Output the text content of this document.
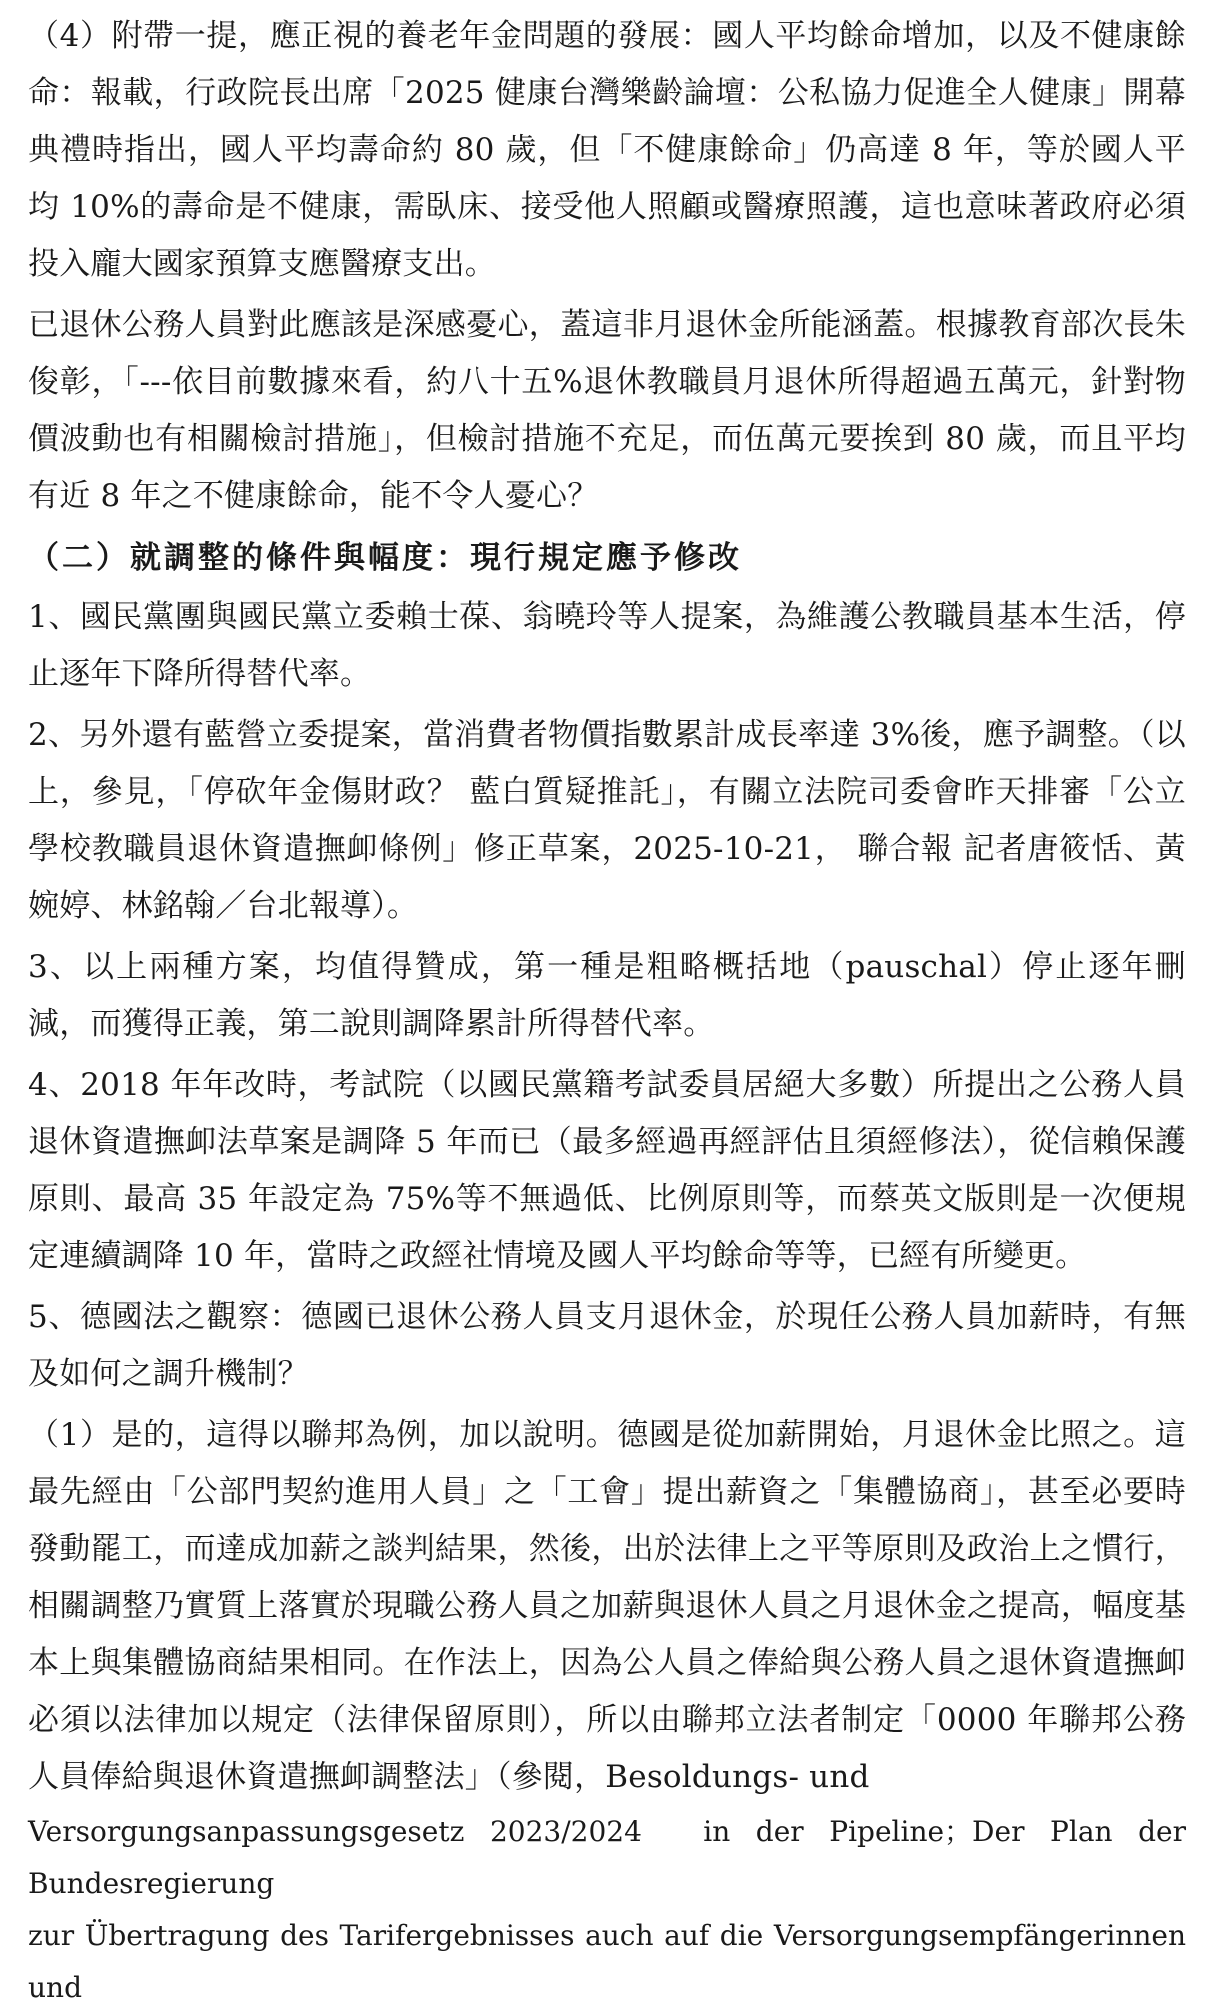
（4）附帶一提，應正視的養老年金問題的發展：國人平均餘命增加，以及不健康餘命：報載，行政院長出席「2025 健康台灣樂齡論壇：公私協力促進全人健康」開幕典禮時指出，國人平均壽命約 80 歲，但「不健康餘命」仍高達 8 年，等於國人平均 10%的壽命是不健康，需臥床、接受他人照顧或醫療照護，這也意味著政府必須投入龐大國家預算支應醫療支出。

已退休公務人員對此應該是深感憂心，蓋這非月退休金所能涵蓋。根據教育部次長朱俊彰，「---依目前數據來看，約八十五%退休教職員月退休所得超過五萬元，針對物價波動也有相關檢討措施」，但檢討措施不充足，而伍萬元要挨到 80 歲，而且平均有近 8 年之不健康餘命，能不令人憂心？

（二）就調整的條件與幅度：現行規定應予修改

1、國民黨團與國民黨立委賴士葆、翁曉玲等人提案，為維護公教職員基本生活，停止逐年下降所得替代率。

2、另外還有藍營立委提案，當消費者物價指數累計成長率達 3%後，應予調整。（以上，參見，「停砍年金傷財政？ 藍白質疑推託」，有關立法院司委會昨天排審「公立學校教職員退休資遣撫卹條例」修正草案，2025-10-21， 聯合報 記者唐筱恬、黃婉婷、林銘翰／台北報導）。

3、以上兩種方案，均值得贊成，第一種是粗略概括地（pauschal）停止逐年刪減，而獲得正義，第二說則調降累計所得替代率。

4、2018 年年改時，考試院（以國民黨籍考試委員居絕大多數）所提出之公務人員退休資遣撫卹法草案是調降 5 年而已（最多經過再經評估且須經修法），從信賴保護原則、最高 35 年設定為 75%等不無過低、比例原則等，而蔡英文版則是一次便規定連續調降 10 年，當時之政經社情境及國人平均餘命等等，已經有所變更。

5、德國法之觀察：德國已退休公務人員支月退休金，於現任公務人員加薪時，有無及如何之調升機制？

（1）是的，這得以聯邦為例，加以說明。德國是從加薪開始，月退休金比照之。這最先經由「公部門契約進用人員」之「工會」提出薪資之「集體協商」，甚至必要時發動罷工，而達成加薪之談判結果，然後，出於法律上之平等原則及政治上之慣行，相關調整乃實質上落實於現職公務人員之加薪與退休人員之月退休金之提高，幅度基本上與集體協商結果相同。在作法上，因為公人員之俸給與公務人員之退休資遣撫卹必須以法律加以規定（法律保留原則），所以由聯邦立法者制定「0000 年聯邦公務人員俸給與退休資遣撫卹調整法」（參閱，Besoldungs- und

Versorgungsanpassungsgesetz 2023/2024　in der Pipeline；Der Plan der Bundesregierung

zur Übertragung des Tarifergebnisses auch auf die Versorgungsempfängerinnen und
